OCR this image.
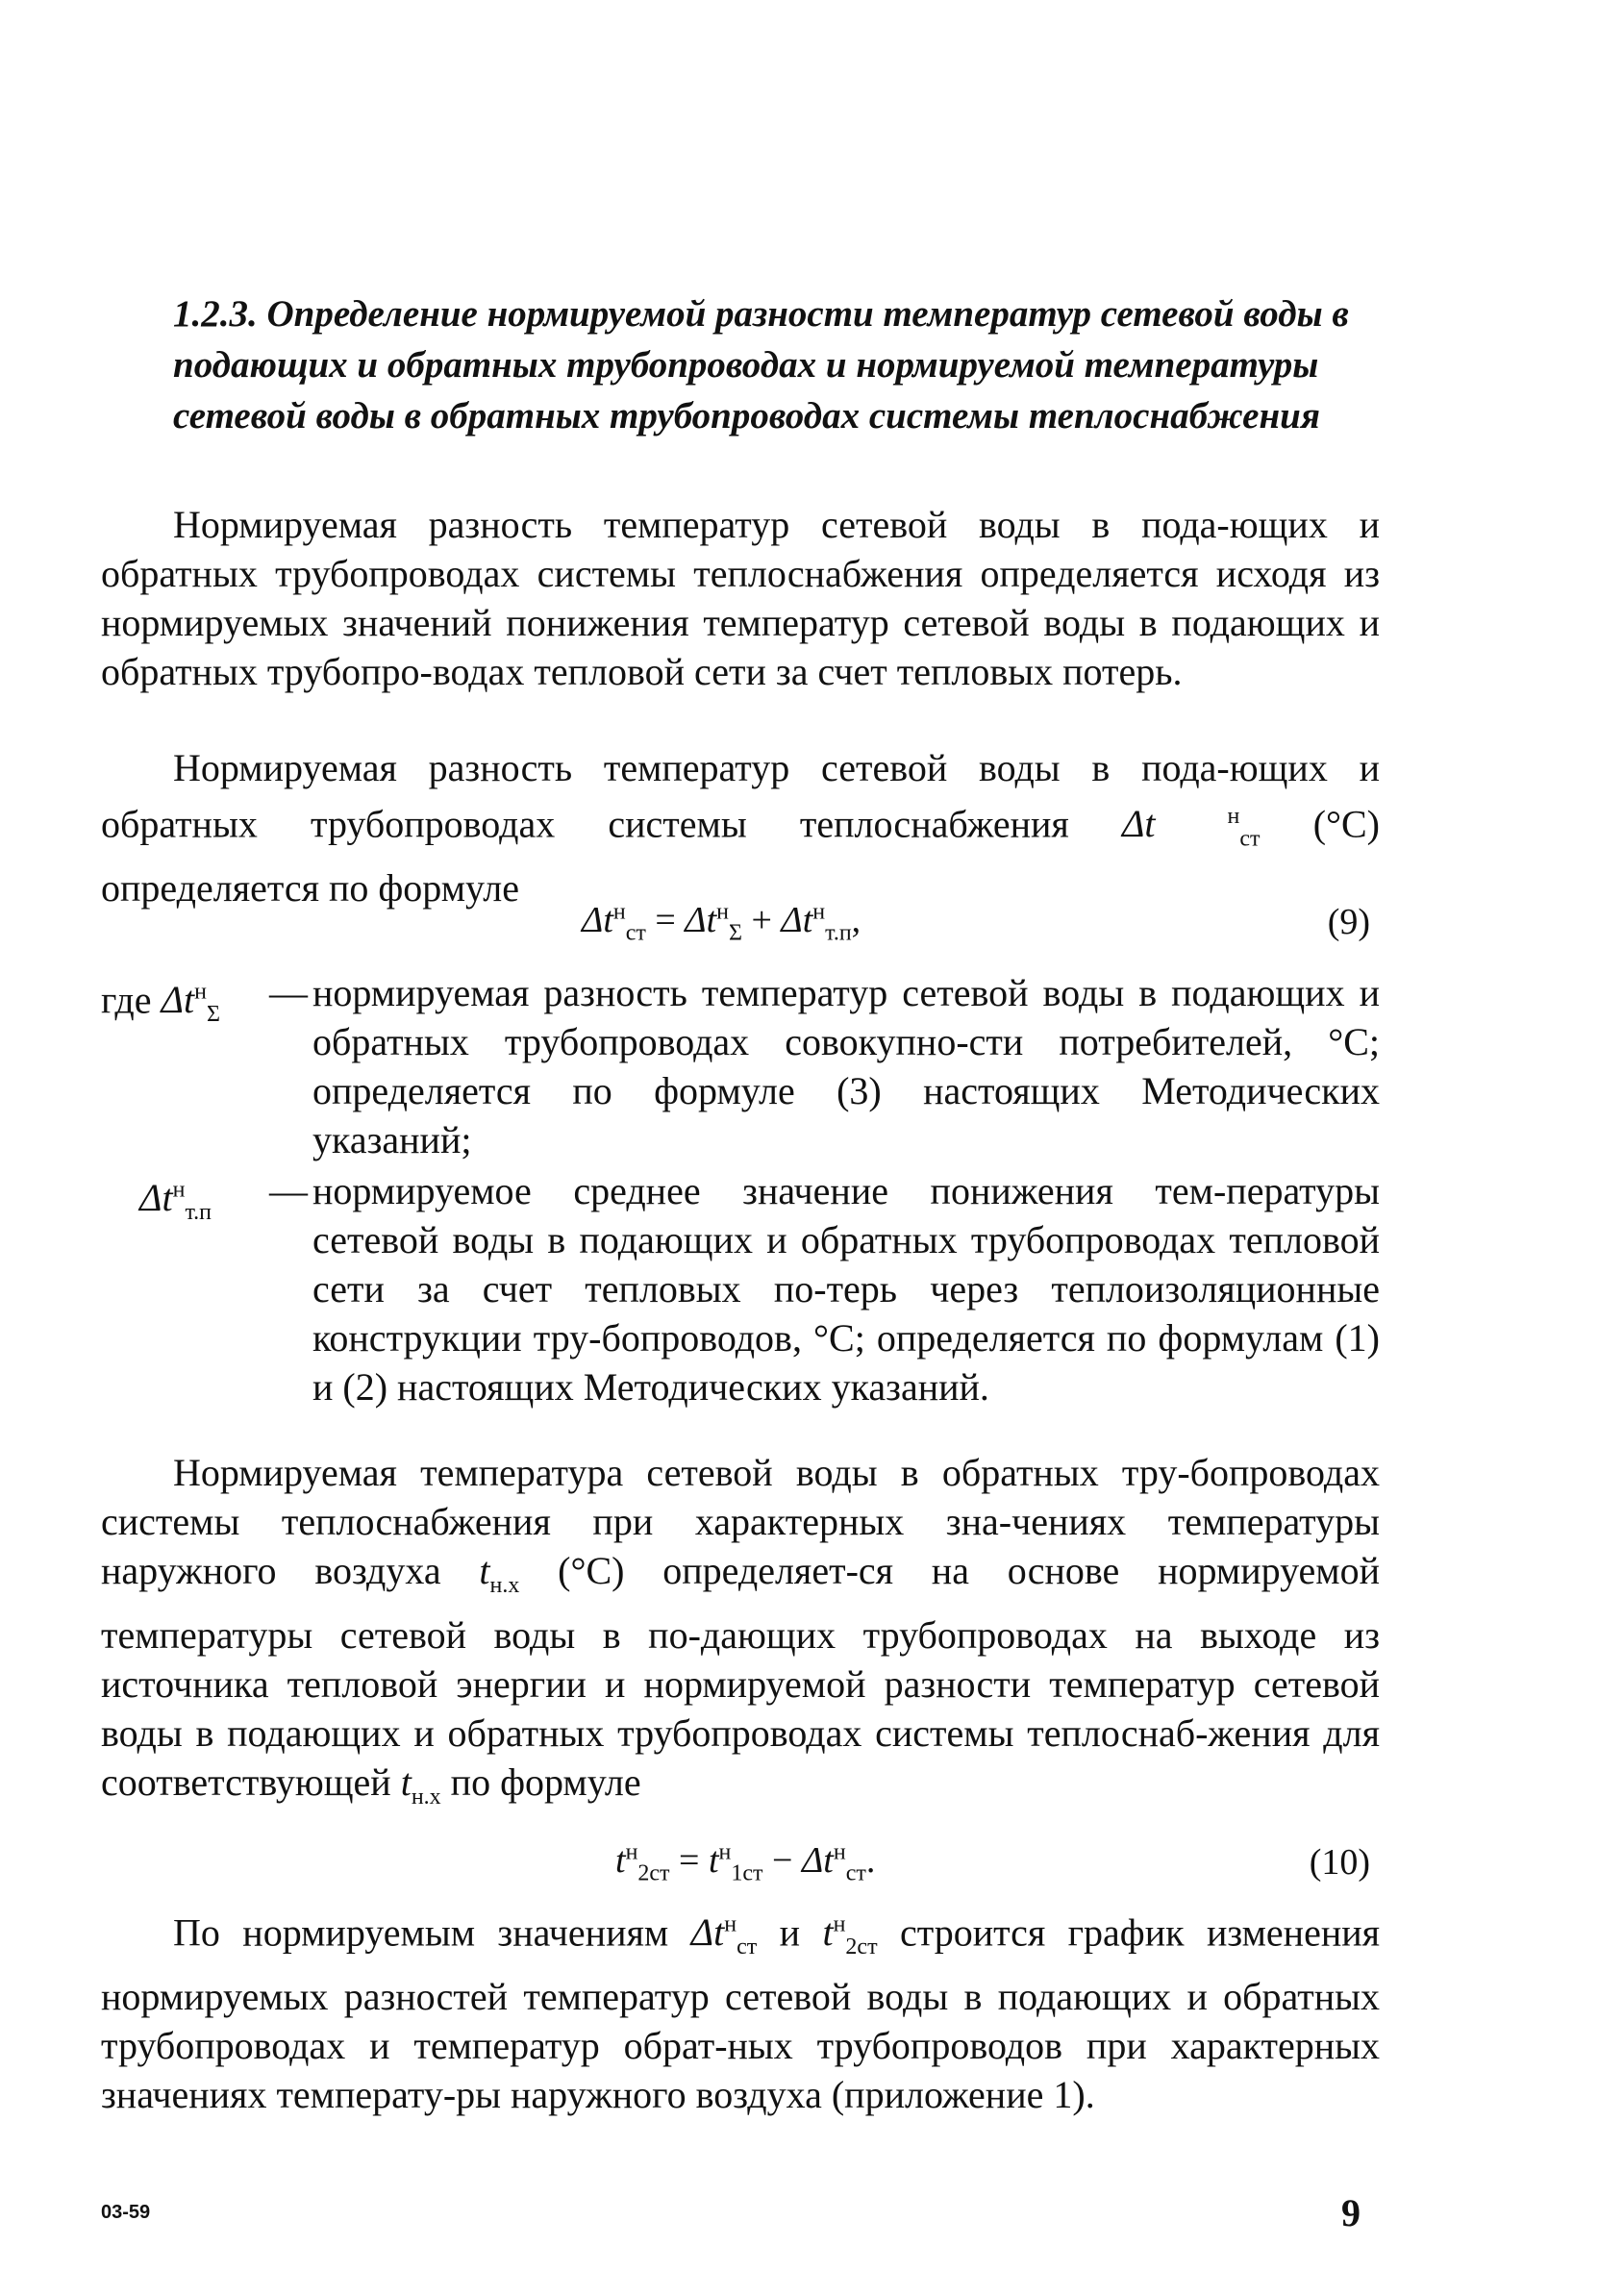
1.2.3. Определение нормируемой разности температур сетевой воды в подающих и обратных трубопроводах и нормируемой температуры сетевой воды в обратных трубопроводах системы теплоснабжения
Нормируемая разность температур сетевой воды в пода-ющих и обратных трубопроводах системы теплоснабжения определяется исходя из нормируемых значений понижения температур сетевой воды в подающих и обратных трубопро-водах тепловой сети за счет тепловых потерь.
Нормируемая разность температур сетевой воды в пода-ющих и обратных трубопроводах системы теплоснабжения Δt	$^н_{ст}$ (°С) определяется по формуле
$\Delta t^н_{ст} = \Delta t^н_\Sigma + \Delta t^н_{т.п}$,	(9)
где $\Delta t^н_\Sigma$
— нормируемая разность температур сетевой воды в подающих и обратных трубопроводах совокупно-сти потребителей, °С; определяется по формуле (3) настоящих Методических указаний;
$\Delta t^н_{т.п}$
— нормируемое среднее значение понижения тем-пературы сетевой воды в подающих и обратных трубопроводах тепловой сети за счет тепловых по-терь через теплоизоляционные конструкции тру-бопроводов, °С; определяется по формулам (1) и (2) настоящих Методических указаний.
Нормируемая температура сетевой воды в обратных тру-бопроводах системы теплоснабжения при характерных зна-чениях температуры наружного воздуха $t_{н.х}$ (°С) определяет-ся на основе нормируемой температуры сетевой воды в по-дающих трубопроводах на выходе из источника тепловой энергии и нормируемой разности температур сетевой воды в подающих и обратных трубопроводах системы теплоснаб-жения для соответствующей $t_{н.х}$ по формуле
$t^н_{2ст} = t^н_{1ст} - \Delta t^н_{ст}$.	(10)
По нормируемым значениям $\Delta t^н_{ст}$ и $t^н_{2ст}$ строится график изменения нормируемых разностей температур сетевой воды в подающих и обратных трубопроводах и температур обрат-ных трубопроводов при характерных значениях температу-ры наружного воздуха (приложение 1).
03-59	9
